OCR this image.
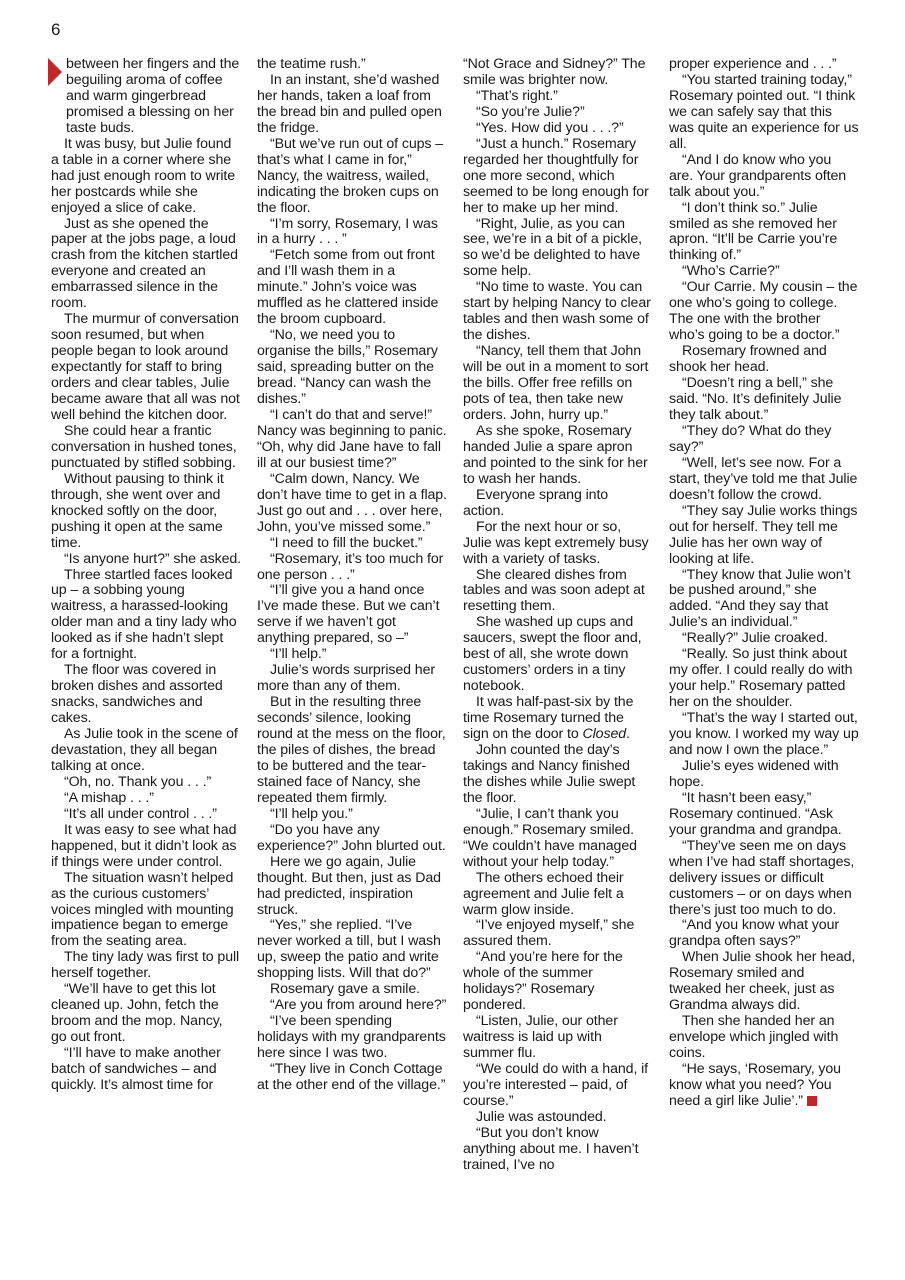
6

between her fingers and the beguiling aroma of coffee and warm gingerbread promised a blessing on her taste buds.

It was busy, but Julie found a table in a corner where she had just enough room to write her postcards while she enjoyed a slice of cake.

Just as she opened the paper at the jobs page, a loud crash from the kitchen startled everyone and created an embarrassed silence in the room.

The murmur of conversation soon resumed, but when people began to look around expectantly for staff to bring orders and clear tables, Julie became aware that all was not well behind the kitchen door.

She could hear a frantic conversation in hushed tones, punctuated by stifled sobbing.

Without pausing to think it through, she went over and knocked softly on the door, pushing it open at the same time.

“Is anyone hurt?” she asked.

Three startled faces looked up – a sobbing young waitress, a harassed-looking older man and a tiny lady who looked as if she hadn’t slept for a fortnight.

The floor was covered in broken dishes and assorted snacks, sandwiches and cakes.

As Julie took in the scene of devastation, they all began talking at once.

“Oh, no. Thank you . . .”

“A mishap . . .”

“It’s all under control . . .”

It was easy to see what had happened, but it didn’t look as if things were under control.

The situation wasn’t helped as the curious customers’ voices mingled with mounting impatience began to emerge from the seating area.

The tiny lady was first to pull herself together.

“We’ll have to get this lot cleaned up. John, fetch the broom and the mop. Nancy, go out front.

“I’ll have to make another batch of sandwiches – and quickly. It’s almost time for

the teatime rush.”

In an instant, she’d washed her hands, taken a loaf from the bread bin and pulled open the fridge.

“But we’ve run out of cups – that’s what I came in for,” Nancy, the waitress, wailed, indicating the broken cups on the floor.

“I’m sorry, Rosemary, I was in a hurry . . . ”

“Fetch some from out front and I’ll wash them in a minute.” John’s voice was muffled as he clattered inside the broom cupboard.

“No, we need you to organise the bills,” Rosemary said, spreading butter on the bread. “Nancy can wash the dishes.”

“I can’t do that and serve!” Nancy was beginning to panic. “Oh, why did Jane have to fall ill at our busiest time?”

“Calm down, Nancy. We don’t have time to get in a flap. Just go out and . . . over here, John, you’ve missed some.”

“I need to fill the bucket.”

“Rosemary, it’s too much for one person . . .”

“I’ll give you a hand once I’ve made these. But we can’t serve if we haven’t got anything prepared, so –”

“I’ll help.”

Julie’s words surprised her more than any of them.

But in the resulting three seconds’ silence, looking round at the mess on the floor, the piles of dishes, the bread to be buttered and the tear-stained face of Nancy, she repeated them firmly.

“I’ll help you.”

“Do you have any experience?” John blurted out.

Here we go again, Julie thought. But then, just as Dad had predicted, inspiration struck.

“Yes,” she replied. “I’ve never worked a till, but I wash up, sweep the patio and write shopping lists. Will that do?”

Rosemary gave a smile.

“Are you from around here?”

“I’ve been spending holidays with my grandparents here since I was two.

“They live in Conch Cottage at the other end of the village.”

“Not Grace and Sidney?” The smile was brighter now.

“That’s right.”

“So you’re Julie?”

“Yes. How did you . . .?”

“Just a hunch.” Rosemary regarded her thoughtfully for one more second, which seemed to be long enough for her to make up her mind.

“Right, Julie, as you can see, we’re in a bit of a pickle, so we’d be delighted to have some help.

“No time to waste. You can start by helping Nancy to clear tables and then wash some of the dishes.

“Nancy, tell them that John will be out in a moment to sort the bills. Offer free refills on pots of tea, then take new orders. John, hurry up.”

As she spoke, Rosemary handed Julie a spare apron and pointed to the sink for her to wash her hands.

Everyone sprang into action.

For the next hour or so, Julie was kept extremely busy with a variety of tasks.

She cleared dishes from tables and was soon adept at resetting them.

She washed up cups and saucers, swept the floor and, best of all, she wrote down customers’ orders in a tiny notebook.

It was half-past-six by the time Rosemary turned the sign on the door to Closed.

John counted the day’s takings and Nancy finished the dishes while Julie swept the floor.

“Julie, I can’t thank you enough.” Rosemary smiled. “We couldn’t have managed without your help today.”

The others echoed their agreement and Julie felt a warm glow inside.

“I’ve enjoyed myself,” she assured them.

“And you’re here for the whole of the summer holidays?” Rosemary pondered.

“Listen, Julie, our other waitress is laid up with summer flu.

“We could do with a hand, if you’re interested – paid, of course.”

Julie was astounded.

“But you don’t know anything about me. I haven’t trained, I’ve no

proper experience and . . .”

“You started training today,” Rosemary pointed out. “I think we can safely say that this was quite an experience for us all.

“And I do know who you are. Your grandparents often talk about you.”

“I don’t think so.” Julie smiled as she removed her apron. “It’ll be Carrie you’re thinking of.”

“Who’s Carrie?”

“Our Carrie. My cousin – the one who’s going to college. The one with the brother who’s going to be a doctor.”

Rosemary frowned and shook her head.

“Doesn’t ring a bell,” she said. “No. It’s definitely Julie they talk about.”

“They do? What do they say?”

“Well, let’s see now. For a start, they’ve told me that Julie doesn’t follow the crowd.

“They say Julie works things out for herself. They tell me Julie has her own way of looking at life.

“They know that Julie won’t be pushed around,” she added. “And they say that Julie’s an individual.”

“Really?” Julie croaked.

“Really. So just think about my offer. I could really do with your help.” Rosemary patted her on the shoulder.

“That’s the way I started out, you know. I worked my way up and now I own the place.”

Julie’s eyes widened with hope.

“It hasn’t been easy,” Rosemary continued. “Ask your grandma and grandpa.

“They’ve seen me on days when I’ve had staff shortages, delivery issues or difficult customers – or on days when there’s just too much to do.

“And you know what your grandpa often says?”

When Julie shook her head, Rosemary smiled and tweaked her cheek, just as Grandma always did.

Then she handed her an envelope which jingled with coins.

“He says, ‘Rosemary, you know what you need? You need a girl like Julie’.”
